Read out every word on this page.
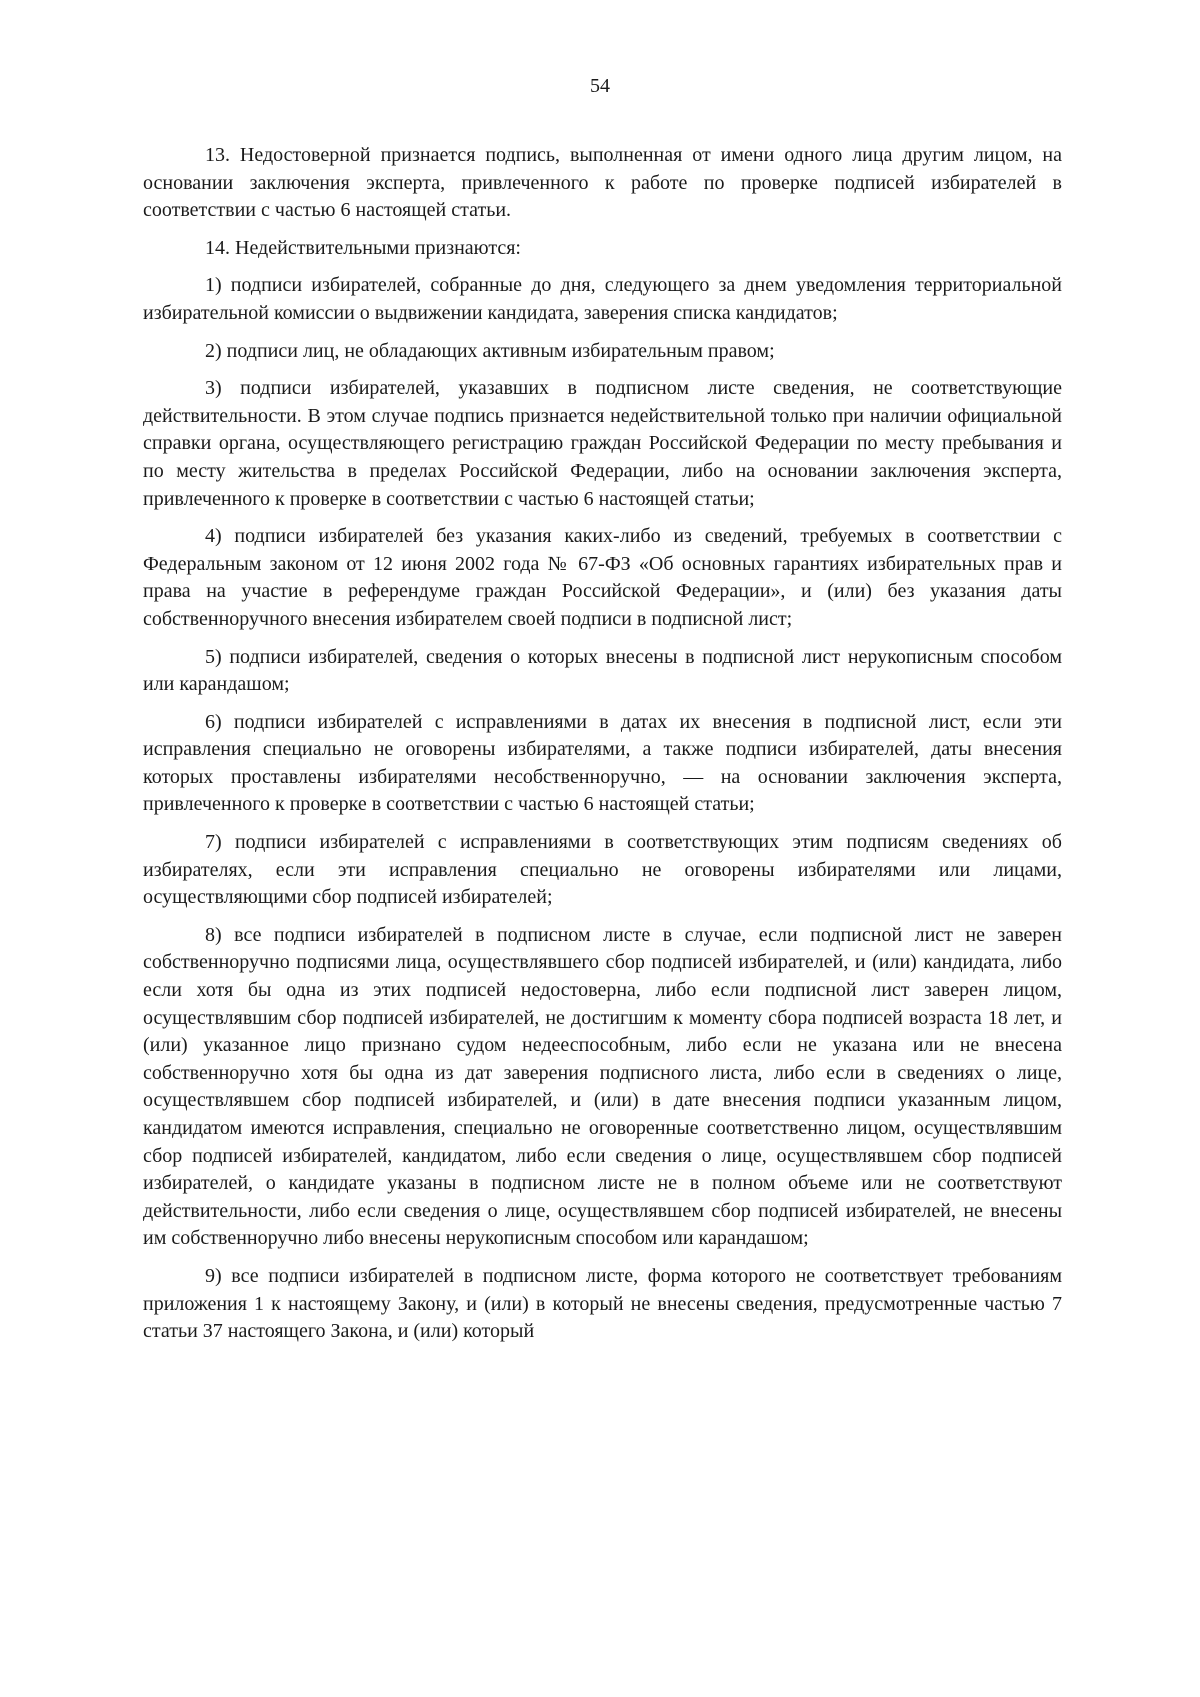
54

13. Недостоверной признается подпись, выполненная от имени одного лица другим лицом, на основании заключения эксперта, привлеченного к работе по проверке подписей избирателей в соответствии с частью 6 настоящей статьи.

14. Недействительными признаются:

1) подписи избирателей, собранные до дня, следующего за днем уведомления территориальной избирательной комиссии о выдвижении кандидата, заверения списка кандидатов;

2) подписи лиц, не обладающих активным избирательным правом;

3) подписи избирателей, указавших в подписном листе сведения, не соответствующие действительности. В этом случае подпись признается недействительной только при наличии официальной справки органа, осуществляющего регистрацию граждан Российской Федерации по месту пребывания и по месту жительства в пределах Российской Федерации, либо на основании заключения эксперта, привлеченного к проверке в соответствии с частью 6 настоящей статьи;

4) подписи избирателей без указания каких-либо из сведений, требуемых в соответствии с Федеральным законом от 12 июня 2002 года № 67-ФЗ «Об основных гарантиях избирательных прав и права на участие в референдуме граждан Российской Федерации», и (или) без указания даты собственноручного внесения избирателем своей подписи в подписной лист;

5) подписи избирателей, сведения о которых внесены в подписной лист нерукописным способом или карандашом;

6) подписи избирателей с исправлениями в датах их внесения в подписной лист, если эти исправления специально не оговорены избирателями, а также подписи избирателей, даты внесения которых проставлены избирателями несобственноручно, — на основании заключения эксперта, привлеченного к проверке в соответствии с частью 6 настоящей статьи;

7) подписи избирателей с исправлениями в соответствующих этим подписям сведениях об избирателях, если эти исправления специально не оговорены избирателями или лицами, осуществляющими сбор подписей избирателей;

8) все подписи избирателей в подписном листе в случае, если подписной лист не заверен собственноручно подписями лица, осуществлявшего сбор подписей избирателей, и (или) кандидата, либо если хотя бы одна из этих подписей недостоверна, либо если подписной лист заверен лицом, осуществлявшим сбор подписей избирателей, не достигшим к моменту сбора подписей возраста 18 лет, и (или) указанное лицо признано судом недееспособным, либо если не указана или не внесена собственноручно хотя бы одна из дат заверения подписного листа, либо если в сведениях о лице, осуществлявшем сбор подписей избирателей, и (или) в дате внесения подписи указанным лицом, кандидатом имеются исправления, специально не оговоренные соответственно лицом, осуществлявшим сбор подписей избирателей, кандидатом, либо если сведения о лице, осуществлявшем сбор подписей избирателей, о кандидате указаны в подписном листе не в полном объеме или не соответствуют действительности, либо если сведения о лице, осуществлявшем сбор подписей избирателей, не внесены им собственноручно либо внесены нерукописным способом или карандашом;

9) все подписи избирателей в подписном листе, форма которого не соответствует требованиям приложения 1 к настоящему Закону, и (или) в который не внесены сведения, предусмотренные частью 7 статьи 37 настоящего Закона, и (или) который
